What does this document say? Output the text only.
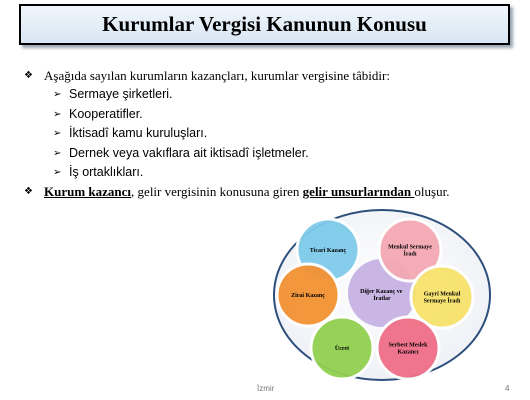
Kurumlar Vergisi Kanunun Konusu
❖ Aşağıda sayılan kurumların kazançları, kurumlar vergisine tâbidir:
➢ Sermaye şirketleri.
➢ Kooperatifler.
➢ İktisadî kamu kuruluşları.
➢ Dernek veya vakıflara ait iktisadî işletmeler.
➢ İş ortaklıkları.
❖ Kurum kazancı, gelir vergisinin konusuna giren gelir unsurlarından oluşur.
Ticari Kazanç
Menkul Sermaye İradı
Gayri Menkul Sermaye İradı
Serbest Meslek Kazancı
Ücret
Zirai Kazanç
Diğer Kazanç ve İratlar
İzmir	4
